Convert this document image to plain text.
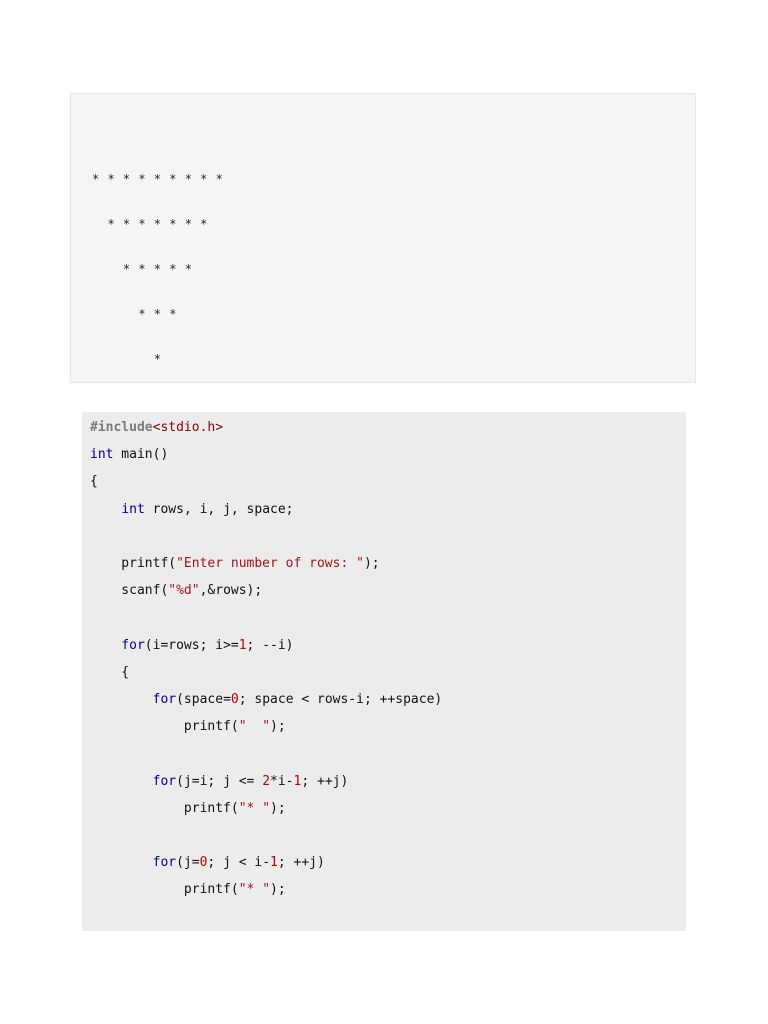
* * * * * * * * *
* * * * * * *
* * * * *
* * *
*
#include<stdio.h>
int main()
{
int rows, i, j, space;
printf("Enter number of rows: ");
scanf("%d",&rows);
for(i=rows; i>=1; --i)
{
for(space=0; space < rows-i; ++space)
printf("  ");
for(j=i; j <= 2*i-1; ++j)
printf("* ");
for(j=0; j < i-1; ++j)
printf("* ");
